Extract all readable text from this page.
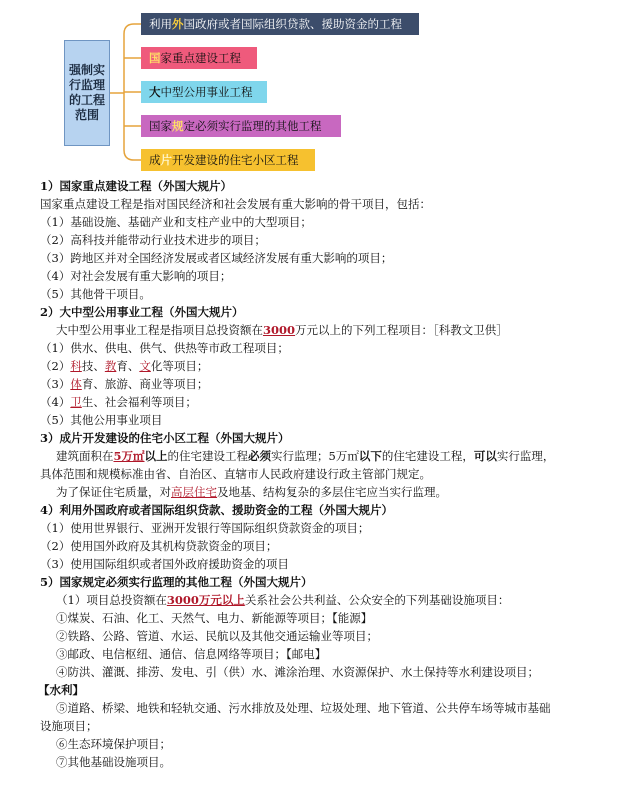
强制实行监理的工程范围
利用外国政府或者国际组织贷款、援助资金的工程
国家重点建设工程
大中型公用事业工程
国家规定必须实行监理的其他工程
成片开发建设的住宅小区工程
1）国家重点建设工程（外国大规片）
国家重点建设工程是指对国民经济和社会发展有重大影响的骨干项目，包括：
（1）基础设施、基础产业和支柱产业中的大型项目；
（2）高科技并能带动行业技术进步的项目；
（3）跨地区并对全国经济发展或者区域经济发展有重大影响的项目；
（4）对社会发展有重大影响的项目；
（5）其他骨干项目。
2）大中型公用事业工程（外国大规片）
大中型公用事业工程是指项目总投资额在3000万元以上的下列工程项目：［科教文卫供］
（1）供水、供电、供气、供热等市政工程项目；
（2）科技、教育、文化等项目；
（3）体育、旅游、商业等项目；
（4）卫生、社会福利等项目；
（5）其他公用事业项目
3）成片开发建设的住宅小区工程（外国大规片）
建筑面积在5万㎡以上的住宅建设工程必须实行监理；5万㎡以下的住宅建设工程，可以实行监理，
具体范围和规模标准由省、自治区、直辖市人民政府建设行政主管部门规定。
为了保证住宅质量，对高层住宅及地基、结构复杂的多层住宅应当实行监理。
4）利用外国政府或者国际组织贷款、援助资金的工程（外国大规片）
（1）使用世界银行、亚洲开发银行等国际组织贷款资金的项目；
（2）使用国外政府及其机构贷款资金的项目；
（3）使用国际组织或者国外政府援助资金的项目
5）国家规定必须实行监理的其他工程（外国大规片）
（1）项目总投资额在3000万元以上关系社会公共利益、公众安全的下列基础设施项目：
①煤炭、石油、化工、天然气、电力、新能源等项目；【能源】
②铁路、公路、管道、水运、民航以及其他交通运输业等项目；
③邮政、电信枢纽、通信、信息网络等项目；【邮电】
④防洪、灌溉、排涝、发电、引（供）水、滩涂治理、水资源保护、水土保持等水利建设项目；
【水利】
⑤道路、桥梁、地铁和轻轨交通、污水排放及处理、垃圾处理、地下管道、公共停车场等城市基础
设施项目；
⑥生态环境保护项目；
⑦其他基础设施项目。
